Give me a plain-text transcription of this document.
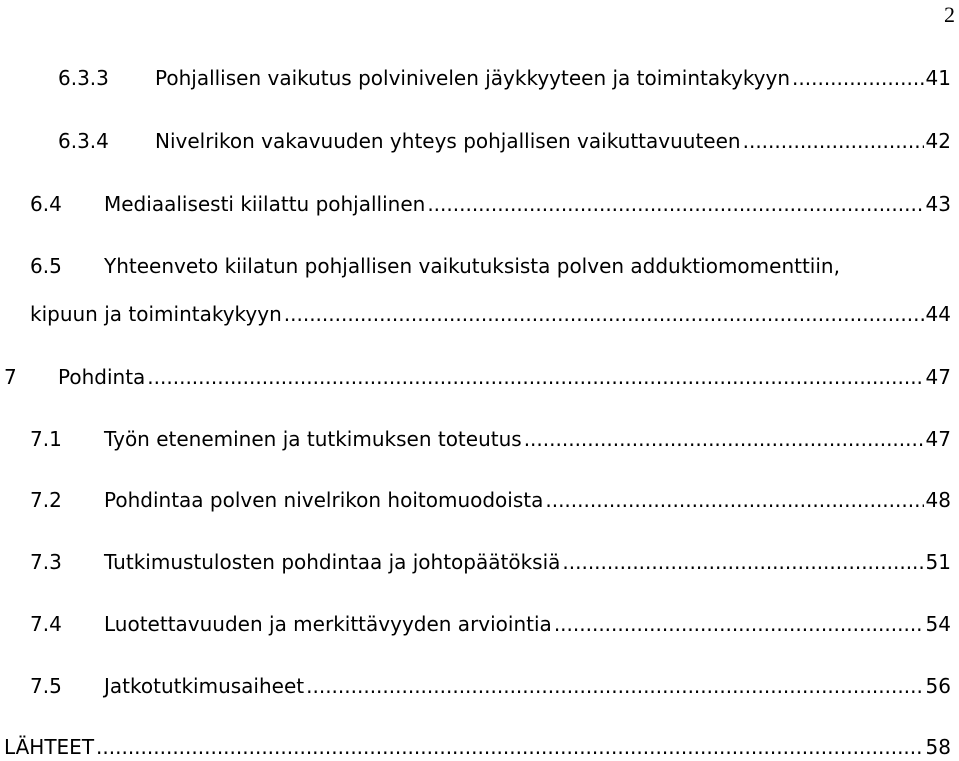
2
6.3.3	Pohjallisen vaikutus polvinivelen jäykkyyteen ja toimintakykyyn .....	41
6.3.4	Nivelrikon vakavuuden yhteys pohjallisen vaikuttavuuteen .....	42
6.4	Mediaalisesti kiilattu pohjallinen .....	43
6.5 Yhteenveto kiilatun pohjallisen vaikutuksista polven adduktiomomenttiin,
kipuun ja toimintakykyyn .....	44
7	Pohdinta .....	47
7.1	Työn eteneminen ja tutkimuksen toteutus .....	47
7.2	Pohdintaa polven nivelrikon hoitomuodoista .....	48
7.3	Tutkimustulosten pohdintaa ja johtopäätöksiä .....	51
7.4	Luotettavuuden ja merkittävyyden arviointia .....	54
7.5	Jatkotutkimusaiheet .....	56
LÄHTEET .....	58
